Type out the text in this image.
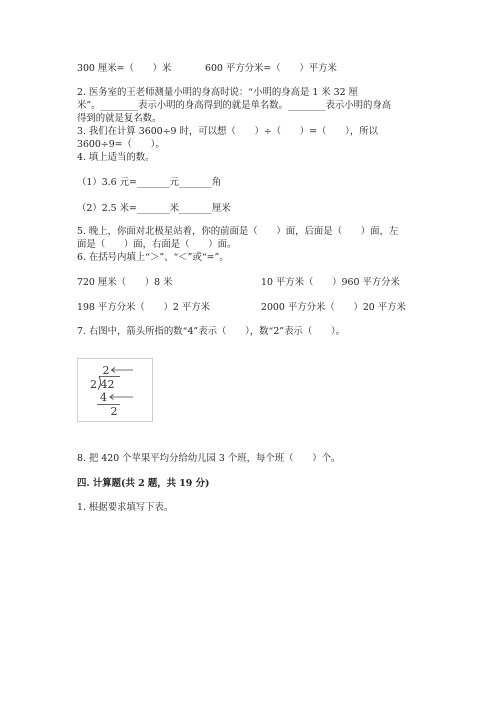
300 厘米=（　　）米	600 平方分米=（　　）平方米
2. 医务室的王老师测量小明的身高时说：“小明的身高是 1 米 32 厘
米”。________表示小明的身高得到的就是单名数。________表示小明的身高
得到的就是复名数。
3. 我们在计算 3600÷9 时，可以想（　　）÷（　　）=（　　），所以
3600÷9=（　　）。
4. 填上适当的数。
（1）3.6 元=_______元_______角
（2）2.5 米=_______米_______厘米
5. 晚上，你面对北极星站着，你的前面是（　　）面，后面是（　　）面，左
面是（　　）面，右面是（　　）面。
6. 在括号内填上“＞”、“＜”或“=”。
720 厘米（　　）8 米	10 平方米（　　）960 平方分米
198 平方分米（　　）2 平方米	2000 平方分米（　　）20 平方米
7. 右图中，箭头所指的数“4”表示（　　），数“2”表示（　　）。
2
2 42
4
2
8. 把 420 个苹果平均分给幼儿园 3 个班，每个班（　　）个。
四. 计算题(共 2 题，共 19 分)
1. 根据要求填写下表。
